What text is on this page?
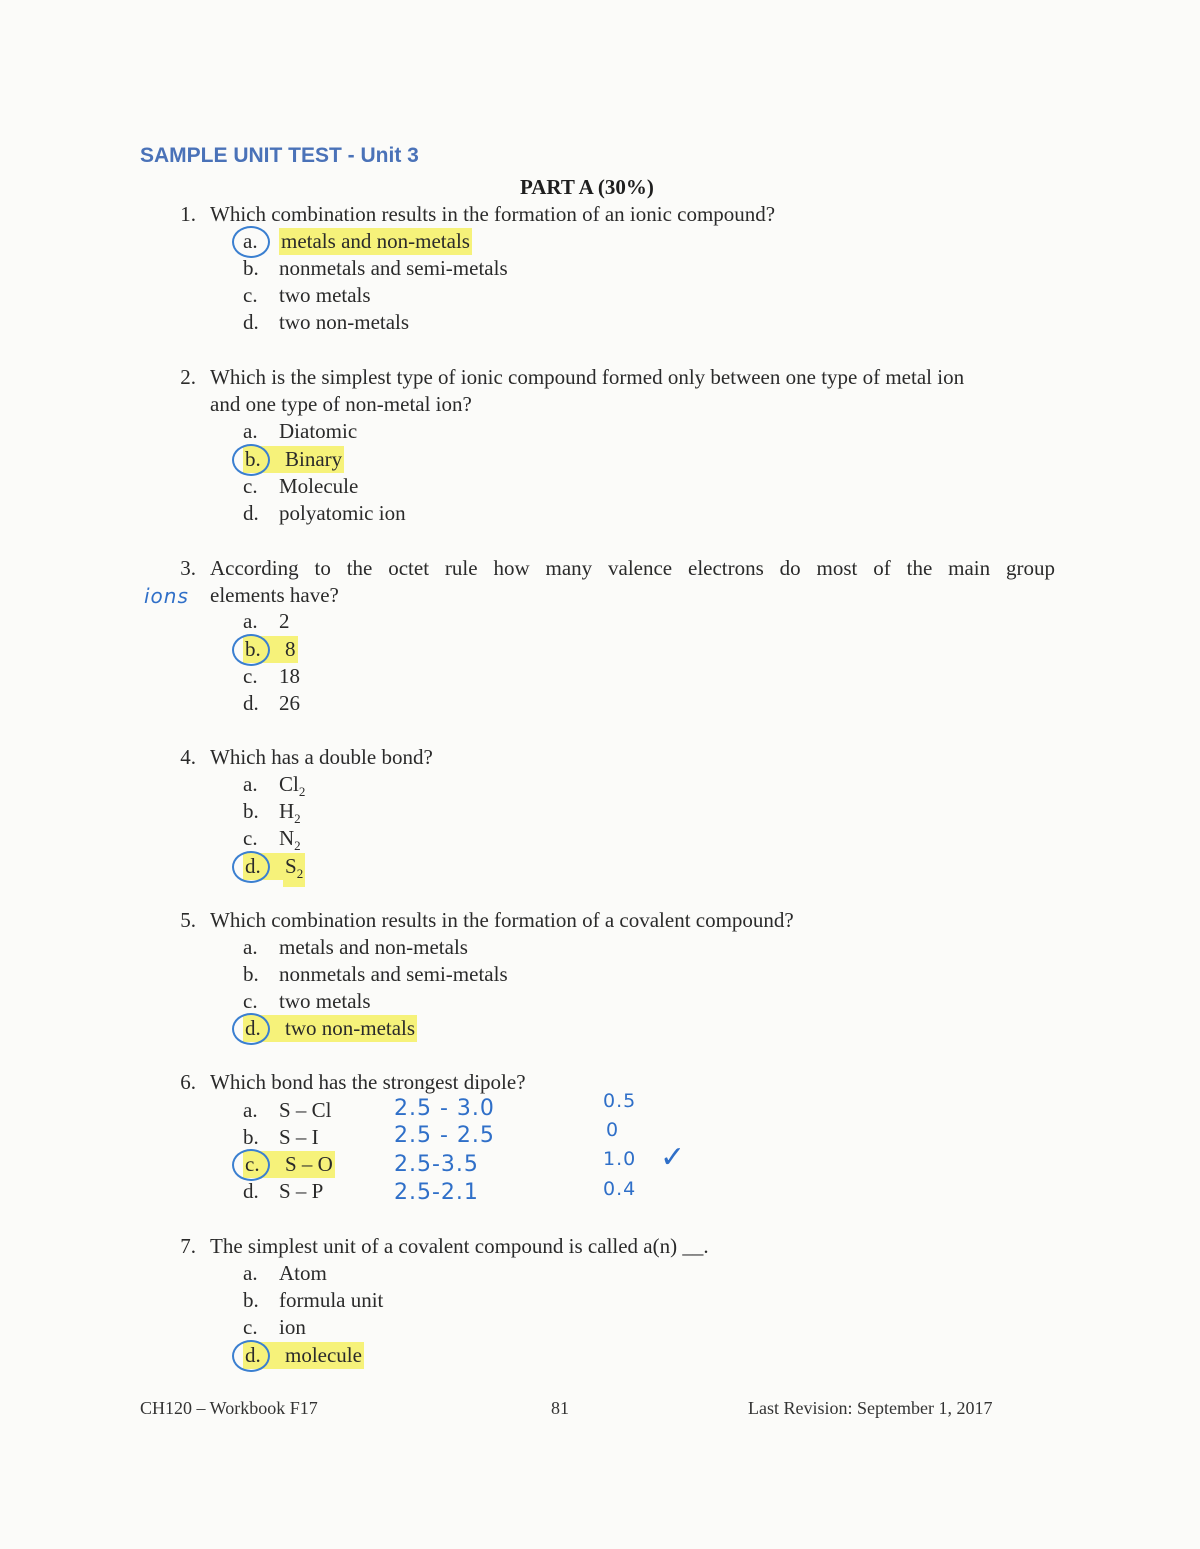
SAMPLE UNIT TEST - Unit 3
PART A (30%)
1. Which combination results in the formation of an ionic compound?
a. metals and non-metals
b. nonmetals and semi-metals
c. two metals
d. two non-metals
2. Which is the simplest type of ionic compound formed only between one type of metal ion
and one type of non-metal ion?
a. Diatomic
b. Binary
c. Molecule
d. polyatomic ion
3. According to the octet rule how many valence electrons do most of the main group
elements have?
ions
a. 2
b. 8
c. 18
d. 26
4. Which has a double bond?
a. $Cl_2$
b. $H_2$
c. $N_2$
d. $S_2$
5. Which combination results in the formation of a covalent compound?
a. metals and non-metals
b. nonmetals and semi-metals
c. two metals
d. two non-metals
6. Which bond has the strongest dipole?
a. S – Cl
b. S – I
c. S – O
d. S – P
2.5 - 3.0
2.5 - 2.5
2.5-3.5
2.5-2.1
0.5
0
1.0
0.4
✓
7. The simplest unit of a covalent compound is called a(n) __.
a. Atom
b. formula unit
c. ion
d. molecule
CH120 – Workbook F17	81	Last Revision: September 1, 2017
